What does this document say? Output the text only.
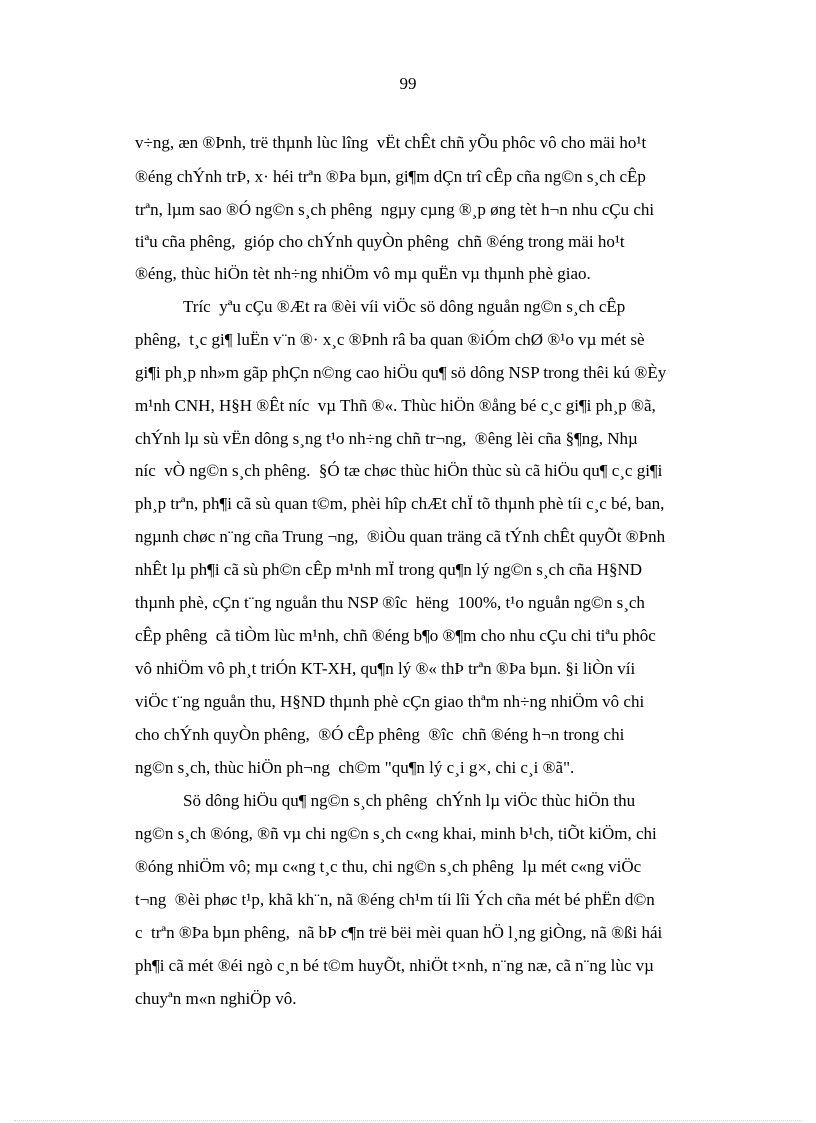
99
v÷ng, æn ®Þnh, trë thµnh lùc lîng  vËt chÊt chñ yÕu phôc vô cho mäi ho¹t
®éng chÝnh trÞ, x· héi trªn ®Þa bµn, gi¶m dÇn trî cÊp cña ng©n s¸ch cÊp
trªn, lµm sao ®Ó ng©n s¸ch phêng  ngµy cµng ®¸p øng tèt h¬n nhu cÇu chi
tiªu cña phêng,  gióp cho chÝnh quyÒn phêng  chñ ®éng trong mäi ho¹t
®éng, thùc hiÖn tèt nh÷ng nhiÖm vô mµ quËn vµ thµnh phè giao.
Tríc  yªu cÇu ®Æt ra ®èi víi viÖc sö dông nguån ng©n s¸ch cÊp
phêng,  t¸c gi¶ luËn v¨n ®· x¸c ®Þnh râ ba quan ®iÓm chØ ®¹o vµ mét sè
gi¶i ph¸p nh»m gãp phÇn n©ng cao hiÖu qu¶ sö dông NSP trong thêi kú ®Èy
m¹nh CNH, H§H ®Êt níc  vµ Thñ ®«. Thùc hiÖn ®ång bé c¸c gi¶i ph¸p ®ã,
chÝnh lµ sù vËn dông s¸ng t¹o nh÷ng chñ tr¬ng,  ®êng lèi cña §¶ng, Nhµ
níc  vÒ ng©n s¸ch phêng.  §Ó tæ chøc thùc hiÖn thùc sù cã hiÖu qu¶ c¸c gi¶i
ph¸p trªn, ph¶i cã sù quan t©m, phèi hîp chÆt chÏ tõ thµnh phè tíi c¸c bé, ban,
ngµnh chøc n¨ng cña Trung ¬ng,  ®iÒu quan träng cã tÝnh chÊt quyÕt ®Þnh
nhÊt lµ ph¶i cã sù ph©n cÊp m¹nh mÏ trong qu¶n lý ng©n s¸ch cña H§ND
thµnh phè, cÇn t¨ng nguån thu NSP ®îc  hëng  100%, t¹o nguån ng©n s¸ch
cÊp phêng  cã tiÒm lùc m¹nh, chñ ®éng b¶o ®¶m cho nhu cÇu chi tiªu phôc
vô nhiÖm vô ph¸t triÓn KT-XH, qu¶n lý ®« thÞ trªn ®Þa bµn. §i liÒn víi
viÖc t¨ng nguån thu, H§ND thµnh phè cÇn giao thªm nh÷ng nhiÖm vô chi
cho chÝnh quyÒn phêng,  ®Ó cÊp phêng  ®îc  chñ ®éng h¬n trong chi
ng©n s¸ch, thùc hiÖn ph¬ng  ch©m "qu¶n lý c¸i g×, chi c¸i ®ã".
Sö dông hiÖu qu¶ ng©n s¸ch phêng  chÝnh lµ viÖc thùc hiÖn thu
ng©n s¸ch ®óng, ®ñ vµ chi ng©n s¸ch c«ng khai, minh b¹ch, tiÕt kiÖm, chi
®óng nhiÖm vô; mµ c«ng t¸c thu, chi ng©n s¸ch phêng  lµ mét c«ng viÖc
t¬ng  ®èi phøc t¹p, khã kh¨n, nã ®éng ch¹m tíi lîi Ých cña mét bé phËn d©n
c  trªn ®Þa bµn phêng,  nã bÞ c¶n trë bëi mèi quan hÖ l¸ng giÒng, nã ®ßi hái
ph¶i cã mét ®éi ngò c¸n bé t©m huyÕt, nhiÖt t×nh, n¨ng næ, cã n¨ng lùc vµ
chuyªn m«n nghiÖp vô.
